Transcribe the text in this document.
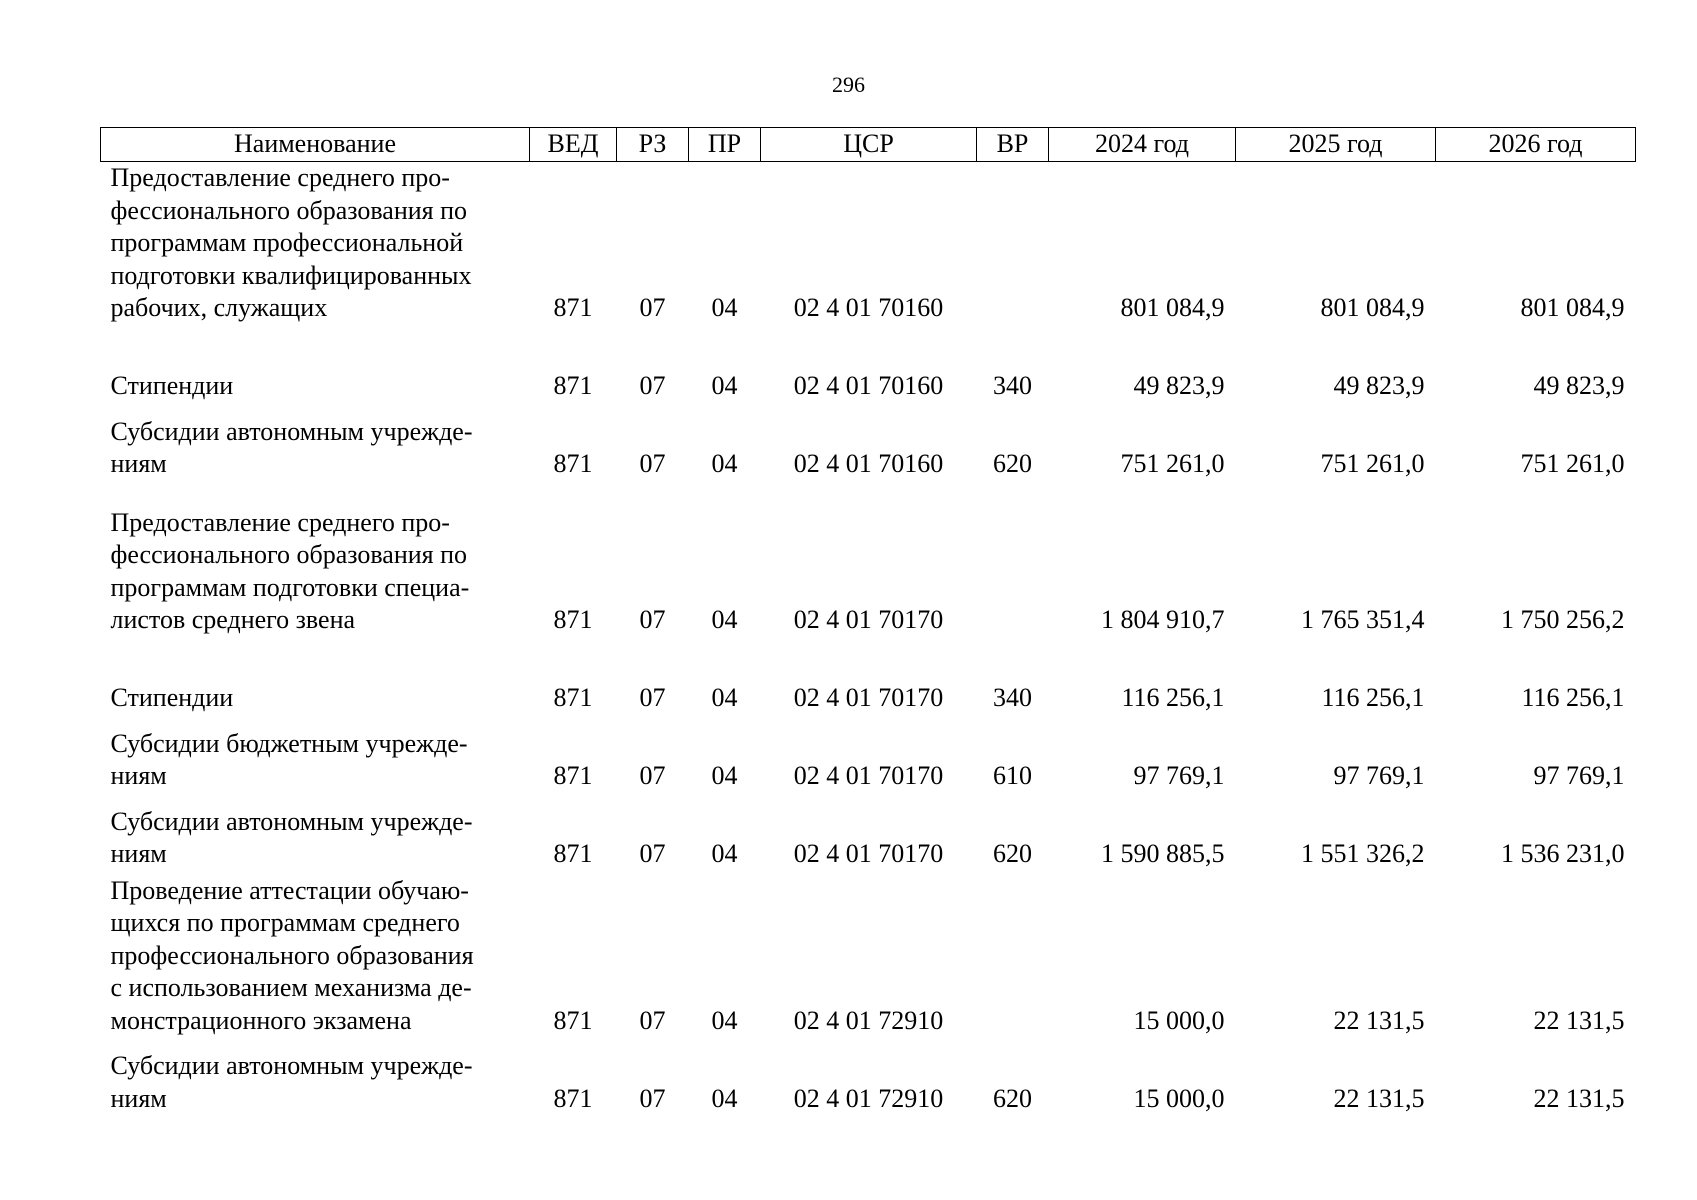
296
Наименование	ВЕД	РЗ	ПР	ЦСР	ВР	2024 год	2025 год	2026 год
Предоставление среднего про-
фессионального образования по
программам профессиональной
подготовки квалифицированных
рабочих, служащих	871	07	04	02 4 01 70160		801 084,9	801 084,9	801 084,9
Стипендии	871	07	04	02 4 01 70160	340	49 823,9	49 823,9	49 823,9
Субсидии автономным учрежде-
ниям	871	07	04	02 4 01 70160	620	751 261,0	751 261,0	751 261,0
Предоставление среднего про-
фессионального образования по
программам подготовки специа-
листов среднего звена	871	07	04	02 4 01 70170		1 804 910,7	1 765 351,4	1 750 256,2
Стипендии	871	07	04	02 4 01 70170	340	116 256,1	116 256,1	116 256,1
Субсидии бюджетным учрежде-
ниям	871	07	04	02 4 01 70170	610	97 769,1	97 769,1	97 769,1
Субсидии автономным учрежде-
ниям	871	07	04	02 4 01 70170	620	1 590 885,5	1 551 326,2	1 536 231,0
Проведение аттестации обучаю-
щихся по программам среднего
профессионального образования
с использованием механизма де-
монстрационного экзамена	871	07	04	02 4 01 72910		15 000,0	22 131,5	22 131,5
Субсидии автономным учрежде-
ниям	871	07	04	02 4 01 72910	620	15 000,0	22 131,5	22 131,5
